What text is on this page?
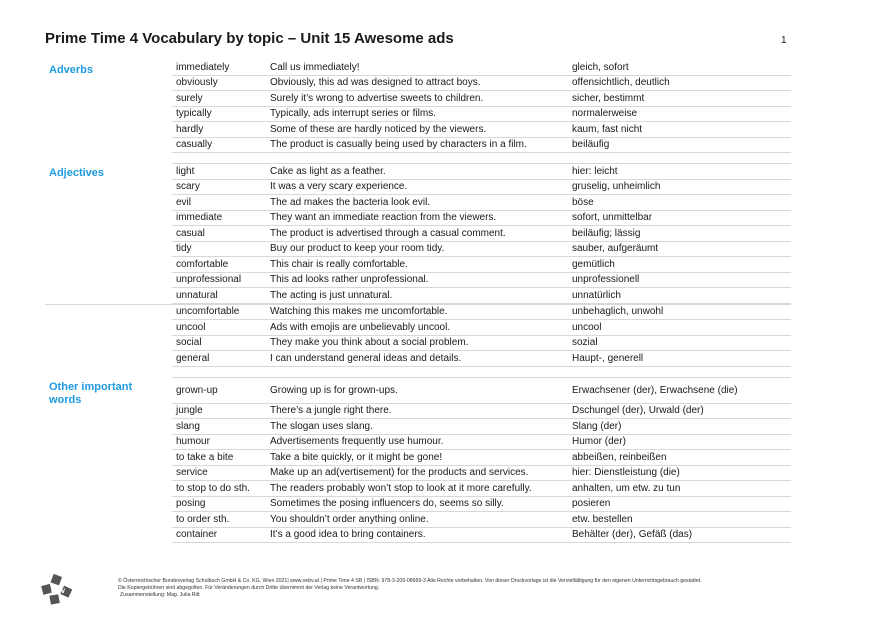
Prime Time 4 Vocabulary by topic – Unit 15 Awesome ads	1
Adverbs	immediately	Call us immediately!	gleich, sofort
obviously	Obviously, this ad was designed to attract boys.	offensichtlich, deutlich
surely	Surely it’s wrong to advertise sweets to children.	sicher, bestimmt
typically	Typically, ads interrupt series or films.	normalerweise
hardly	Some of these are hardly noticed by the viewers.	kaum, fast nicht
casually	The product is casually being used by characters in a film.	beiläufig
Adjectives	light	Cake as light as a feather.	hier: leicht
scary	It was a very scary experience.	gruselig, unheimlich
evil	The ad makes the bacteria look evil.	böse
immediate	They want an immediate reaction from the viewers.	sofort, unmittelbar
casual	The product is advertised through a casual comment.	beiläufig; lässig
tidy	Buy our product to keep your room tidy.	sauber, aufgeräumt
comfortable	This chair is really comfortable.	gemütlich
unprofessional	This ad looks rather unprofessional.	unprofessionell
unnatural	The acting is just unnatural.	unnatürlich
uncomfortable	Watching this makes me uncomfortable.	unbehaglich, unwohl
uncool	Ads with emojis are unbelievably uncool.	uncool
social	They make you think about a social problem.	sozial
general	I can understand general ideas and details.	Haupt-, generell
Other important words
grown-up	Growing up is for grown-ups.	Erwachsener (der), Erwachsene (die)
jungle	There’s a jungle right there.	Dschungel (der), Urwald (der)
slang	The slogan uses slang.	Slang (der)
humour	Advertisements frequently use humour.	Humor (der)
to take a bite	Take a bite quickly, or it might be gone!	abbeißen, reinbeißen
service	Make up an ad(vertisement) for the products and services.	hier: Dienstleistung (die)
to stop to do sth.	The readers probably won’t stop to look at it more carefully.	anhalten, um etw. zu tun
posing	Sometimes the posing influencers do, seems so silly.	posieren
to order sth.	You shouldn’t order anything online.	etw. bestellen
container	It’s a good idea to bring containers.	Behälter (der), Gefäß (das)
öbv
© Österreichischer Bundesverlag Schulbuch GmbH & Co. KG, Wien 2021| www.oebv.at | Prime Time 4 SB | ISBN: 978-3-209-08669-3 Alle Rechte vorbehalten. Von dieser Druckvorlage ist die Vervielfältigung für den eigenen Unterrichtsgebrauch gestattet.
Die Kopiergebühren sind abgegolten. Für Veränderungen durch Dritte übernimmt der Verlag keine Verantwortung.
Zusammenstellung: Mag. Julia Ritt
